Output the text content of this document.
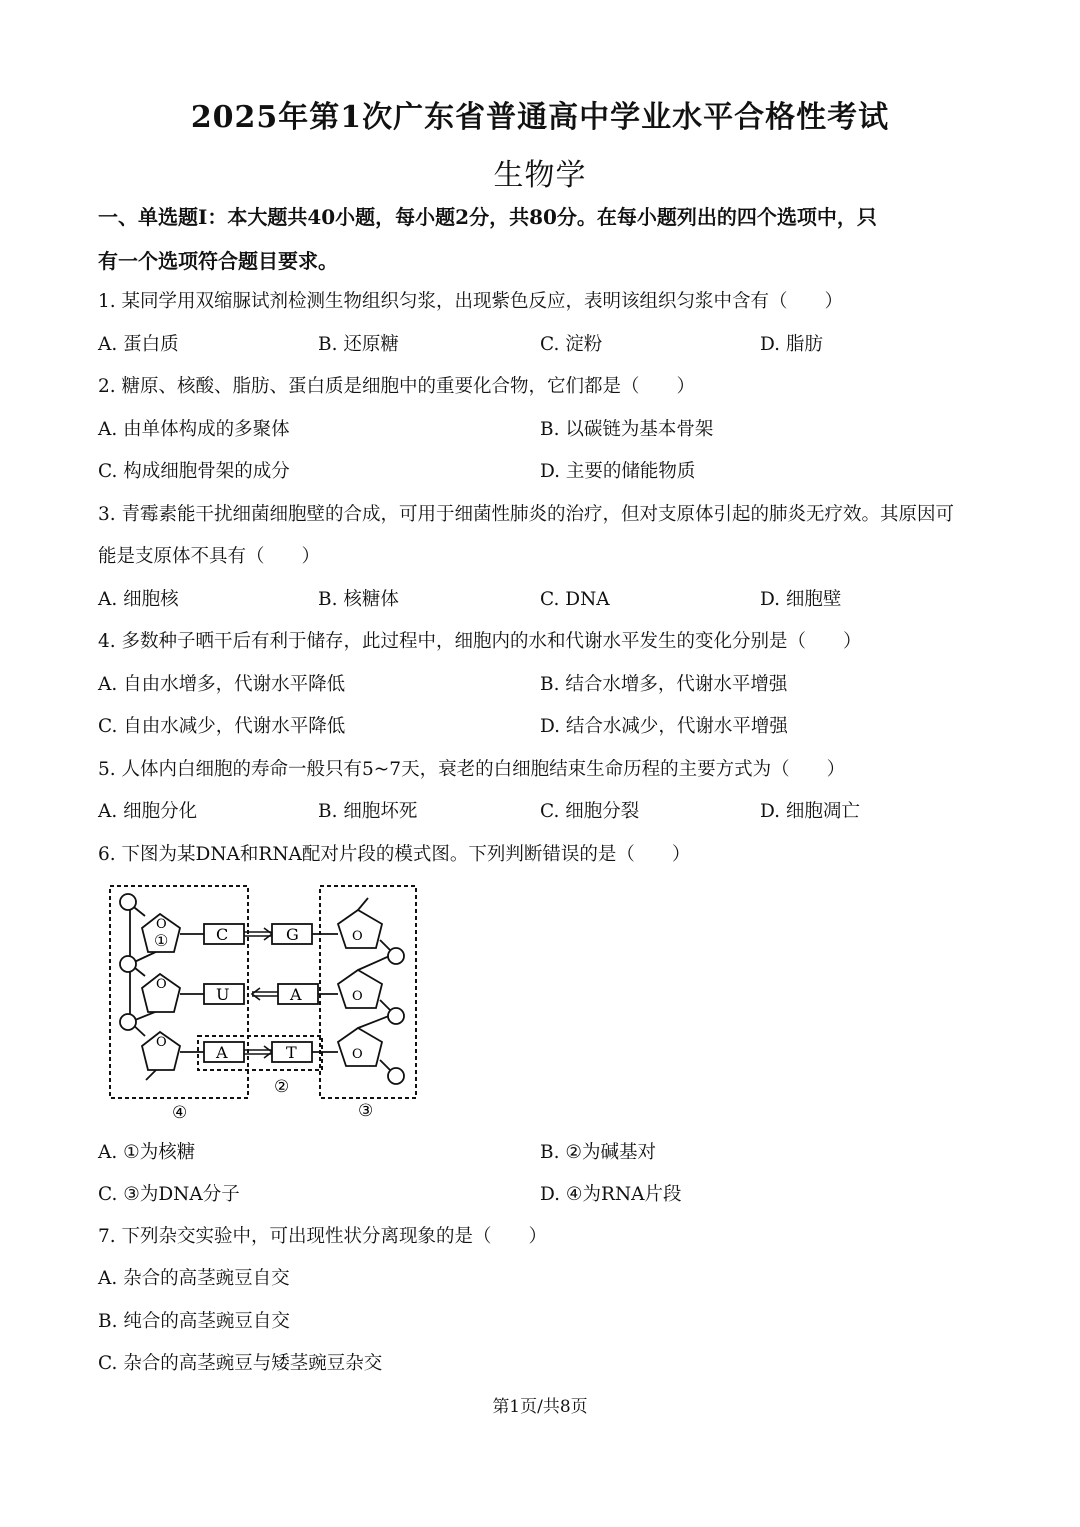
2025年第1次广东省普通高中学业水平合格性考试
生物学
一、单选题Ⅰ：本大题共40小题，每小题2分，共80分。在每小题列出的四个选项中，只
有一个选项符合题目要求。
1. 某同学用双缩脲试剂检测生物组织匀浆，出现紫色反应，表明该组织匀浆中含有（　　）
A. 蛋白质	B. 还原糖	C. 淀粉	D. 脂肪
2. 糖原、核酸、脂肪、蛋白质是细胞中的重要化合物，它们都是（　　）
A. 由单体构成的多聚体	B. 以碳链为基本骨架
C. 构成细胞骨架的成分	D. 主要的储能物质
3. 青霉素能干扰细菌细胞壁的合成，可用于细菌性肺炎的治疗，但对支原体引起的肺炎无疗效。其原因可
能是支原体不具有（　　）
A. 细胞核	B. 核糖体	C. DNA	D. 细胞壁
4. 多数种子晒干后有利于储存，此过程中，细胞内的水和代谢水平发生的变化分别是（　　）
A. 自由水增多，代谢水平降低	B. 结合水增多，代谢水平增强
C. 自由水减少，代谢水平降低	D. 结合水减少，代谢水平增强
5. 人体内白细胞的寿命一般只有5~7天，衰老的白细胞结束生命历程的主要方式为（　　）
A. 细胞分化	B. 细胞坏死	C. 细胞分裂	D. 细胞凋亡
6. 下图为某DNA和RNA配对片段的模式图。下列判断错误的是（　　）
O
O
O
C
U
A
G
A
T
O
O
O
①
②
③
④
A. ①为核糖	B. ②为碱基对
C. ③为DNA分子	D. ④为RNA片段
7. 下列杂交实验中，可出现性状分离现象的是（　　）
A. 杂合的高茎豌豆自交
B. 纯合的高茎豌豆自交
C. 杂合的高茎豌豆与矮茎豌豆杂交
第1页/共8页
